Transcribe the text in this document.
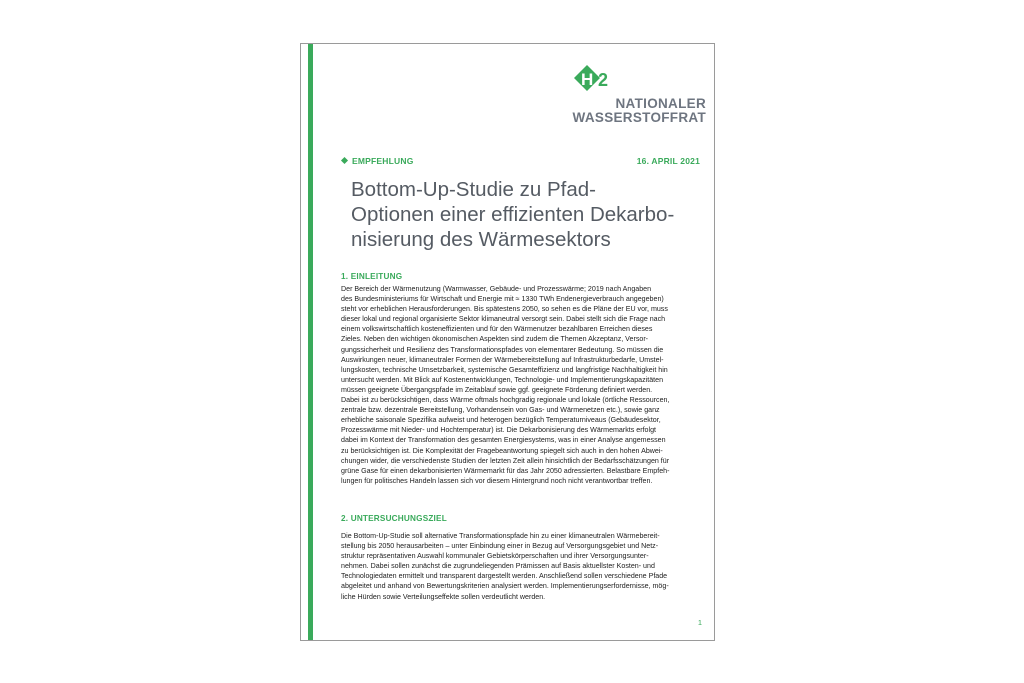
H 2
NATIONALER
WASSERSTOFFRAT
EMPFEHLUNG	16. APRIL 2021
Bottom-Up-Studie zu Pfad-
Optionen einer effizienten Dekarbo-
nisierung des Wärmesektors
1. EINLEITUNG

Der Bereich der Wärmenutzung (Warmwasser, Gebäude- und Prozesswärme; 2019 nach Angaben
des Bundesministeriums für Wirtschaft und Energie mit ≈ 1330 TWh Endenergieverbrauch angegeben)
steht vor erheblichen Herausforderungen. Bis spätestens 2050, so sehen es die Pläne der EU vor, muss
dieser lokal und regional organisierte Sektor klimaneutral versorgt sein. Dabei stellt sich die Frage nach
einem volkswirtschaftlich kosteneffizienten und für den Wärmenutzer bezahlbaren Erreichen dieses
Zieles. Neben den wichtigen ökonomischen Aspekten sind zudem die Themen Akzeptanz, Versor-
gungssicherheit und Resilienz des Transformationspfades von elementarer Bedeutung. So müssen die
Auswirkungen neuer, klimaneutraler Formen der Wärmebereitstellung auf Infrastrukturbedarfe, Umstel-
lungskosten, technische Umsetzbarkeit, systemische Gesamteffizienz und langfristige Nachhaltigkeit hin
untersucht werden. Mit Blick auf Kostenentwicklungen, Technologie- und Implementierungskapazitäten
müssen geeignete Übergangspfade im Zeitablauf sowie ggf. geeignete Förderung definiert werden.
Dabei ist zu berücksichtigen, dass Wärme oftmals hochgradig regionale und lokale (örtliche Ressourcen,
zentrale bzw. dezentrale Bereitstellung, Vorhandensein von Gas- und Wärmenetzen etc.), sowie ganz
erhebliche saisonale Spezifika aufweist und heterogen bezüglich Temperaturniveaus (Gebäudesektor,
Prozesswärme mit Nieder- und Hochtemperatur) ist. Die Dekarbonisierung des Wärmemarkts erfolgt
dabei im Kontext der Transformation des gesamten Energiesystems, was in einer Analyse angemessen
zu berücksichtigen ist. Die Komplexität der Fragebeantwortung spiegelt sich auch in den hohen Abwei-
chungen wider, die verschiedenste Studien der letzten Zeit allein hinsichtlich der Bedarfsschätzungen für
grüne Gase für einen dekarbonisierten Wärmemarkt für das Jahr 2050 adressierten. Belastbare Empfeh-
lungen für politisches Handeln lassen sich vor diesem Hintergrund noch nicht verantwortbar treffen.

2. UNTERSUCHUNGSZIEL

Die Bottom-Up-Studie soll alternative Transformationspfade hin zu einer klimaneutralen Wärmebereit-
stellung bis 2050 herausarbeiten – unter Einbindung einer in Bezug auf Versorgungsgebiet und Netz-
struktur repräsentativen Auswahl kommunaler Gebietskörperschaften und ihrer Versorgungsunter-
nehmen. Dabei sollen zunächst die zugrundeliegenden Prämissen auf Basis aktuellster Kosten- und
Technologiedaten ermittelt und transparent dargestellt werden. Anschließend sollen verschiedene Pfade
abgeleitet und anhand von Bewertungskriterien analysiert werden. Implementierungserfordernisse, mög-
liche Hürden sowie Verteilungseffekte sollen verdeutlicht werden.

1
